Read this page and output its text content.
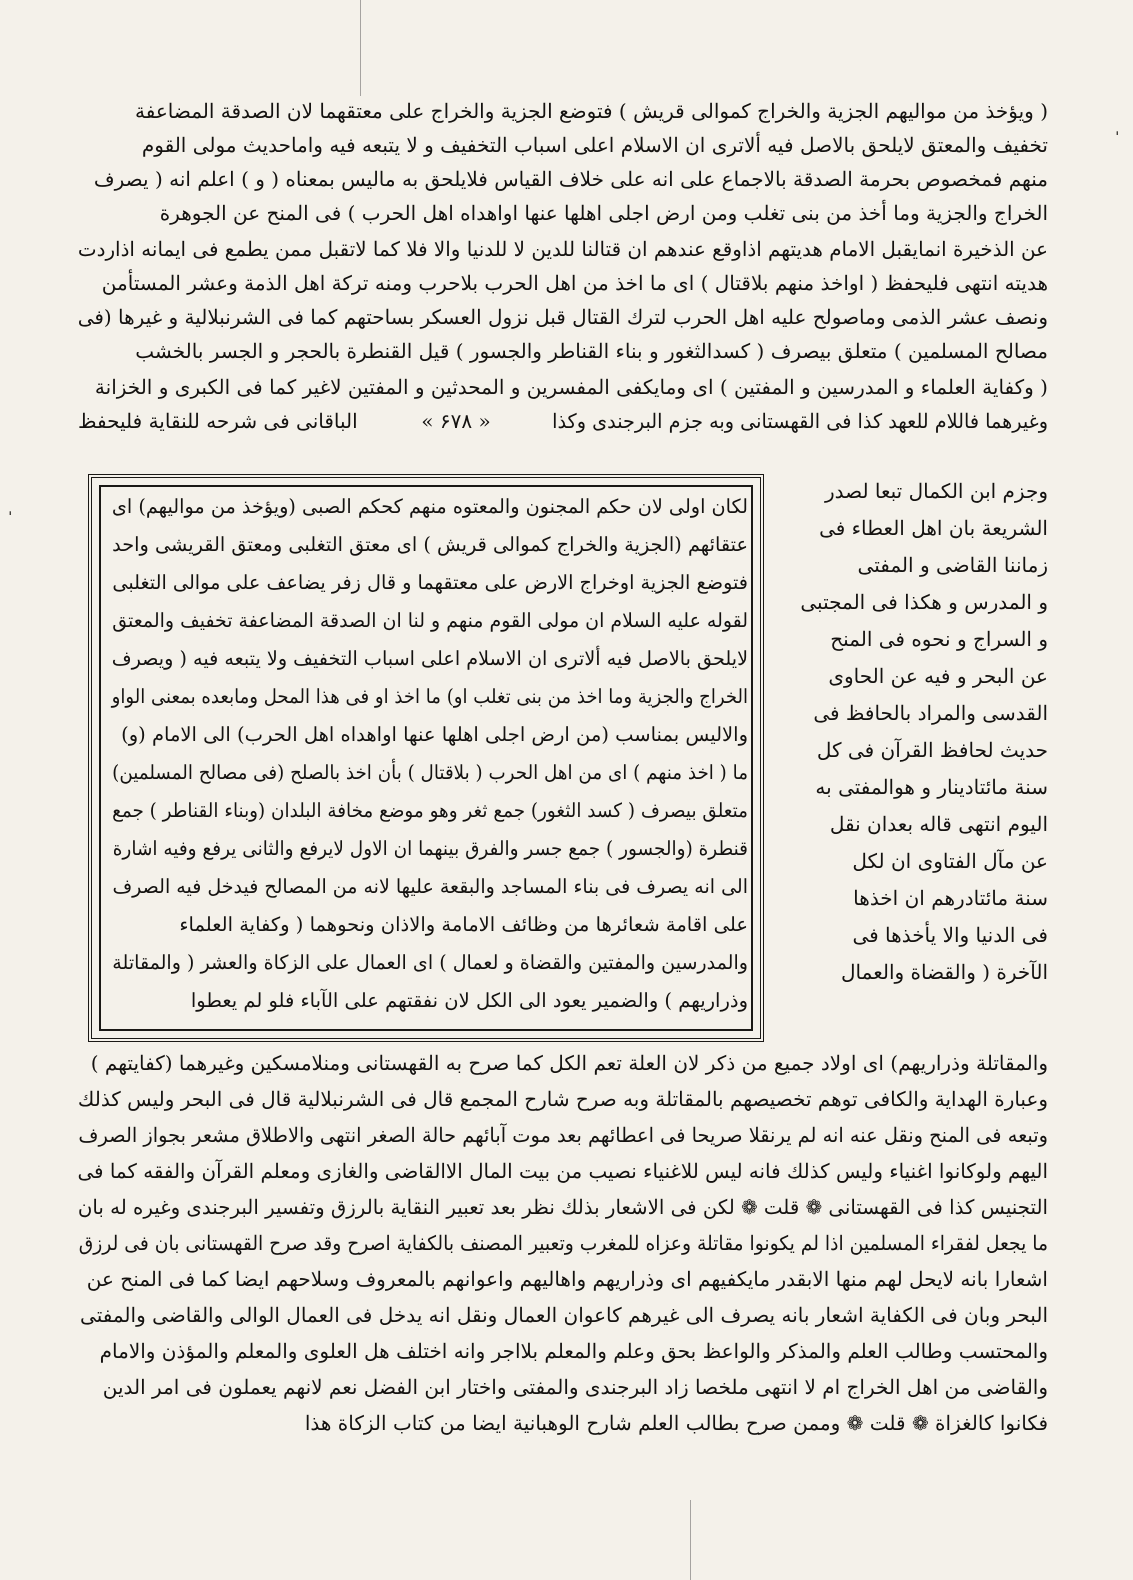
ˌ
ˌ
( ويؤخذ من مواليهم الجزية والخراج كموالى قريش ) فتوضع الجزية والخراج على معتقهما لان الصدقة المضاعفة
تخفيف والمعتق لايلحق بالاصل فيه ألاترى ان الاسلام اعلى اسباب التخفيف و لا يتبعه فيه واماحديث مولى القوم
منهم فمخصوص بحرمة الصدقة بالاجماع على انه على خلاف القياس فلايلحق به ماليس بمعناه ( و ) اعلم انه ( يصرف
الخراج والجزية وما أخذ من بنى تغلب ومن ارض اجلى اهلها عنها اواهداه اهل الحرب ) فى المنح عن الجوهرة
عن الذخيرة انمايقبل الامام هديتهم اذاوقع عندهم ان قتالنا للدين لا للدنيا والا فلا كما لاتقبل ممن يطمع فى ايمانه اذاردت
هديته انتهى فليحفظ ( اواخذ منهم بلاقتال ) اى ما اخذ من اهل الحرب بلاحرب ومنه تركة اهل الذمة وعشر المستأمن
ونصف عشر الذمى وماصولح عليه اهل الحرب لترك القتال قبل نزول العسكر بساحتهم كما فى الشرنبلالية و غيرها (فى
مصالح المسلمين ) متعلق بيصرف ( كسدالثغور و بناء القناطر والجسور ) قيل القنطرة بالحجر و الجسر بالخشب
( وكفاية العلماء و المدرسين و المفتين ) اى ومايكفى المفسرين و المحدثين و المفتين لاغير كما فى الكبرى و الخزانة
وغيرهما فاللام للعهد كذا فى القهستانى وبه جزم البرجندى وكذا
الباقانى فى شرحه للنقاية فليحفظ	« ۶۷۸ »
وجزم ابن الكمال تبعا لصدر
الشريعة بان اهل العطاء فى
زماننا القاضى و المفتى
و المدرس و هكذا فى المجتبى
و السراج و نحوه فى المنح
عن البحر و فيه عن الحاوى
القدسى والمراد بالحافظ فى
حديث لحافظ القرآن فى كل
سنة مائتادينار و هوالمفتى به
اليوم انتهى قاله بعدان نقل
عن مآل الفتاوى ان لكل
سنة مائتادرهم ان اخذها
فى الدنيا والا يأخذها فى
الآخرة ( والقضاة والعمال
لكان اولى لان حكم المجنون والمعتوه منهم كحكم الصبى (ويؤخذ من مواليهم) اى
عتقائهم (الجزية والخراج كموالى قريش ) اى معتق التغلبى ومعتق القريشى واحد
فتوضع الجزية اوخراج الارض على معتقهما و قال زفر يضاعف على موالى التغلبى
لقوله عليه السلام ان مولى القوم منهم و لنا ان الصدقة المضاعفة تخفيف والمعتق
لايلحق بالاصل فيه ألاترى ان الاسلام اعلى اسباب التخفيف ولا يتبعه فيه ( ويصرف
الخراج والجزية وما اخذ من بنى تغلب او) ما اخذ او فى هذا المحل ومابعده بمعنى الواو
والاليس بمناسب (من ارض اجلى اهلها عنها اواهداه اهل الحرب) الى الامام (و)
ما ( اخذ منهم ) اى من اهل الحرب ( بلاقتال ) بأن اخذ بالصلح (فى مصالح المسلمين)
متعلق بيصرف ( كسد الثغور) جمع ثغر وهو موضع مخافة البلدان (وبناء القناطر ) جمع
قنطرة (والجسور ) جمع جسر والفرق بينهما ان الاول لايرفع والثانى يرفع وفيه اشارة
الى انه يصرف فى بناء المساجد والبقعة عليها لانه من المصالح فيدخل فيه الصرف
على اقامة شعائرها من وظائف الامامة والاذان ونحوهما ( وكفاية العلماء
والمدرسين والمفتين والقضاة و لعمال ) اى العمال على الزكاة والعشر ( والمقاتلة
وذراريهم ) والضمير يعود الى الكل لان نفقتهم على الآباء فلو لم يعطوا
والمقاتلة وذراريهم) اى اولاد جميع من ذكر لان العلة تعم الكل كما صرح به القهستانى ومنلامسكين وغيرهما (كفايتهم )
وعبارة الهداية والكافى توهم تخصيصهم بالمقاتلة وبه صرح شارح المجمع قال فى الشرنبلالية قال فى البحر وليس كذلك
وتبعه فى المنح ونقل عنه انه لم يرنقلا صريحا فى اعطائهم بعد موت آبائهم حالة الصغر انتهى والاطلاق مشعر بجواز الصرف
اليهم ولوكانوا اغنياء وليس كذلك فانه ليس للاغنياء نصيب من بيت المال الاالقاضى والغازى ومعلم القرآن والفقه كما فى
التجنيس كذا فى القهستانى ❁ قلت ❁ لكن فى الاشعار بذلك نظر بعد تعبير النقاية بالرزق وتفسير البرجندى وغيره له بان
ما يجعل لفقراء المسلمين اذا لم يكونوا مقاتلة وعزاه للمغرب وتعبير المصنف بالكفاية اصرح وقد صرح القهستانى بان فى لرزق
اشعارا بانه لايحل لهم منها الابقدر مايكفيهم اى وذراريهم واهاليهم واعوانهم بالمعروف وسلاحهم ايضا كما فى المنح عن
البحر وبان فى الكفاية اشعار بانه يصرف الى غيرهم كاعوان العمال ونقل انه يدخل فى العمال الوالى والقاضى والمفتى
والمحتسب وطالب العلم والمذكر والواعظ بحق وعلم والمعلم بلااجر وانه اختلف هل العلوى والمعلم والمؤذن والامام
والقاضى من اهل الخراج ام لا انتهى ملخصا زاد البرجندى والمفتى واختار ابن الفضل نعم لانهم يعملون فى امر الدين
فكانوا كالغزاة ❁ قلت ❁ وممن صرح بطالب العلم شارح الوهبانية ايضا من كتاب الزكاة هذا
